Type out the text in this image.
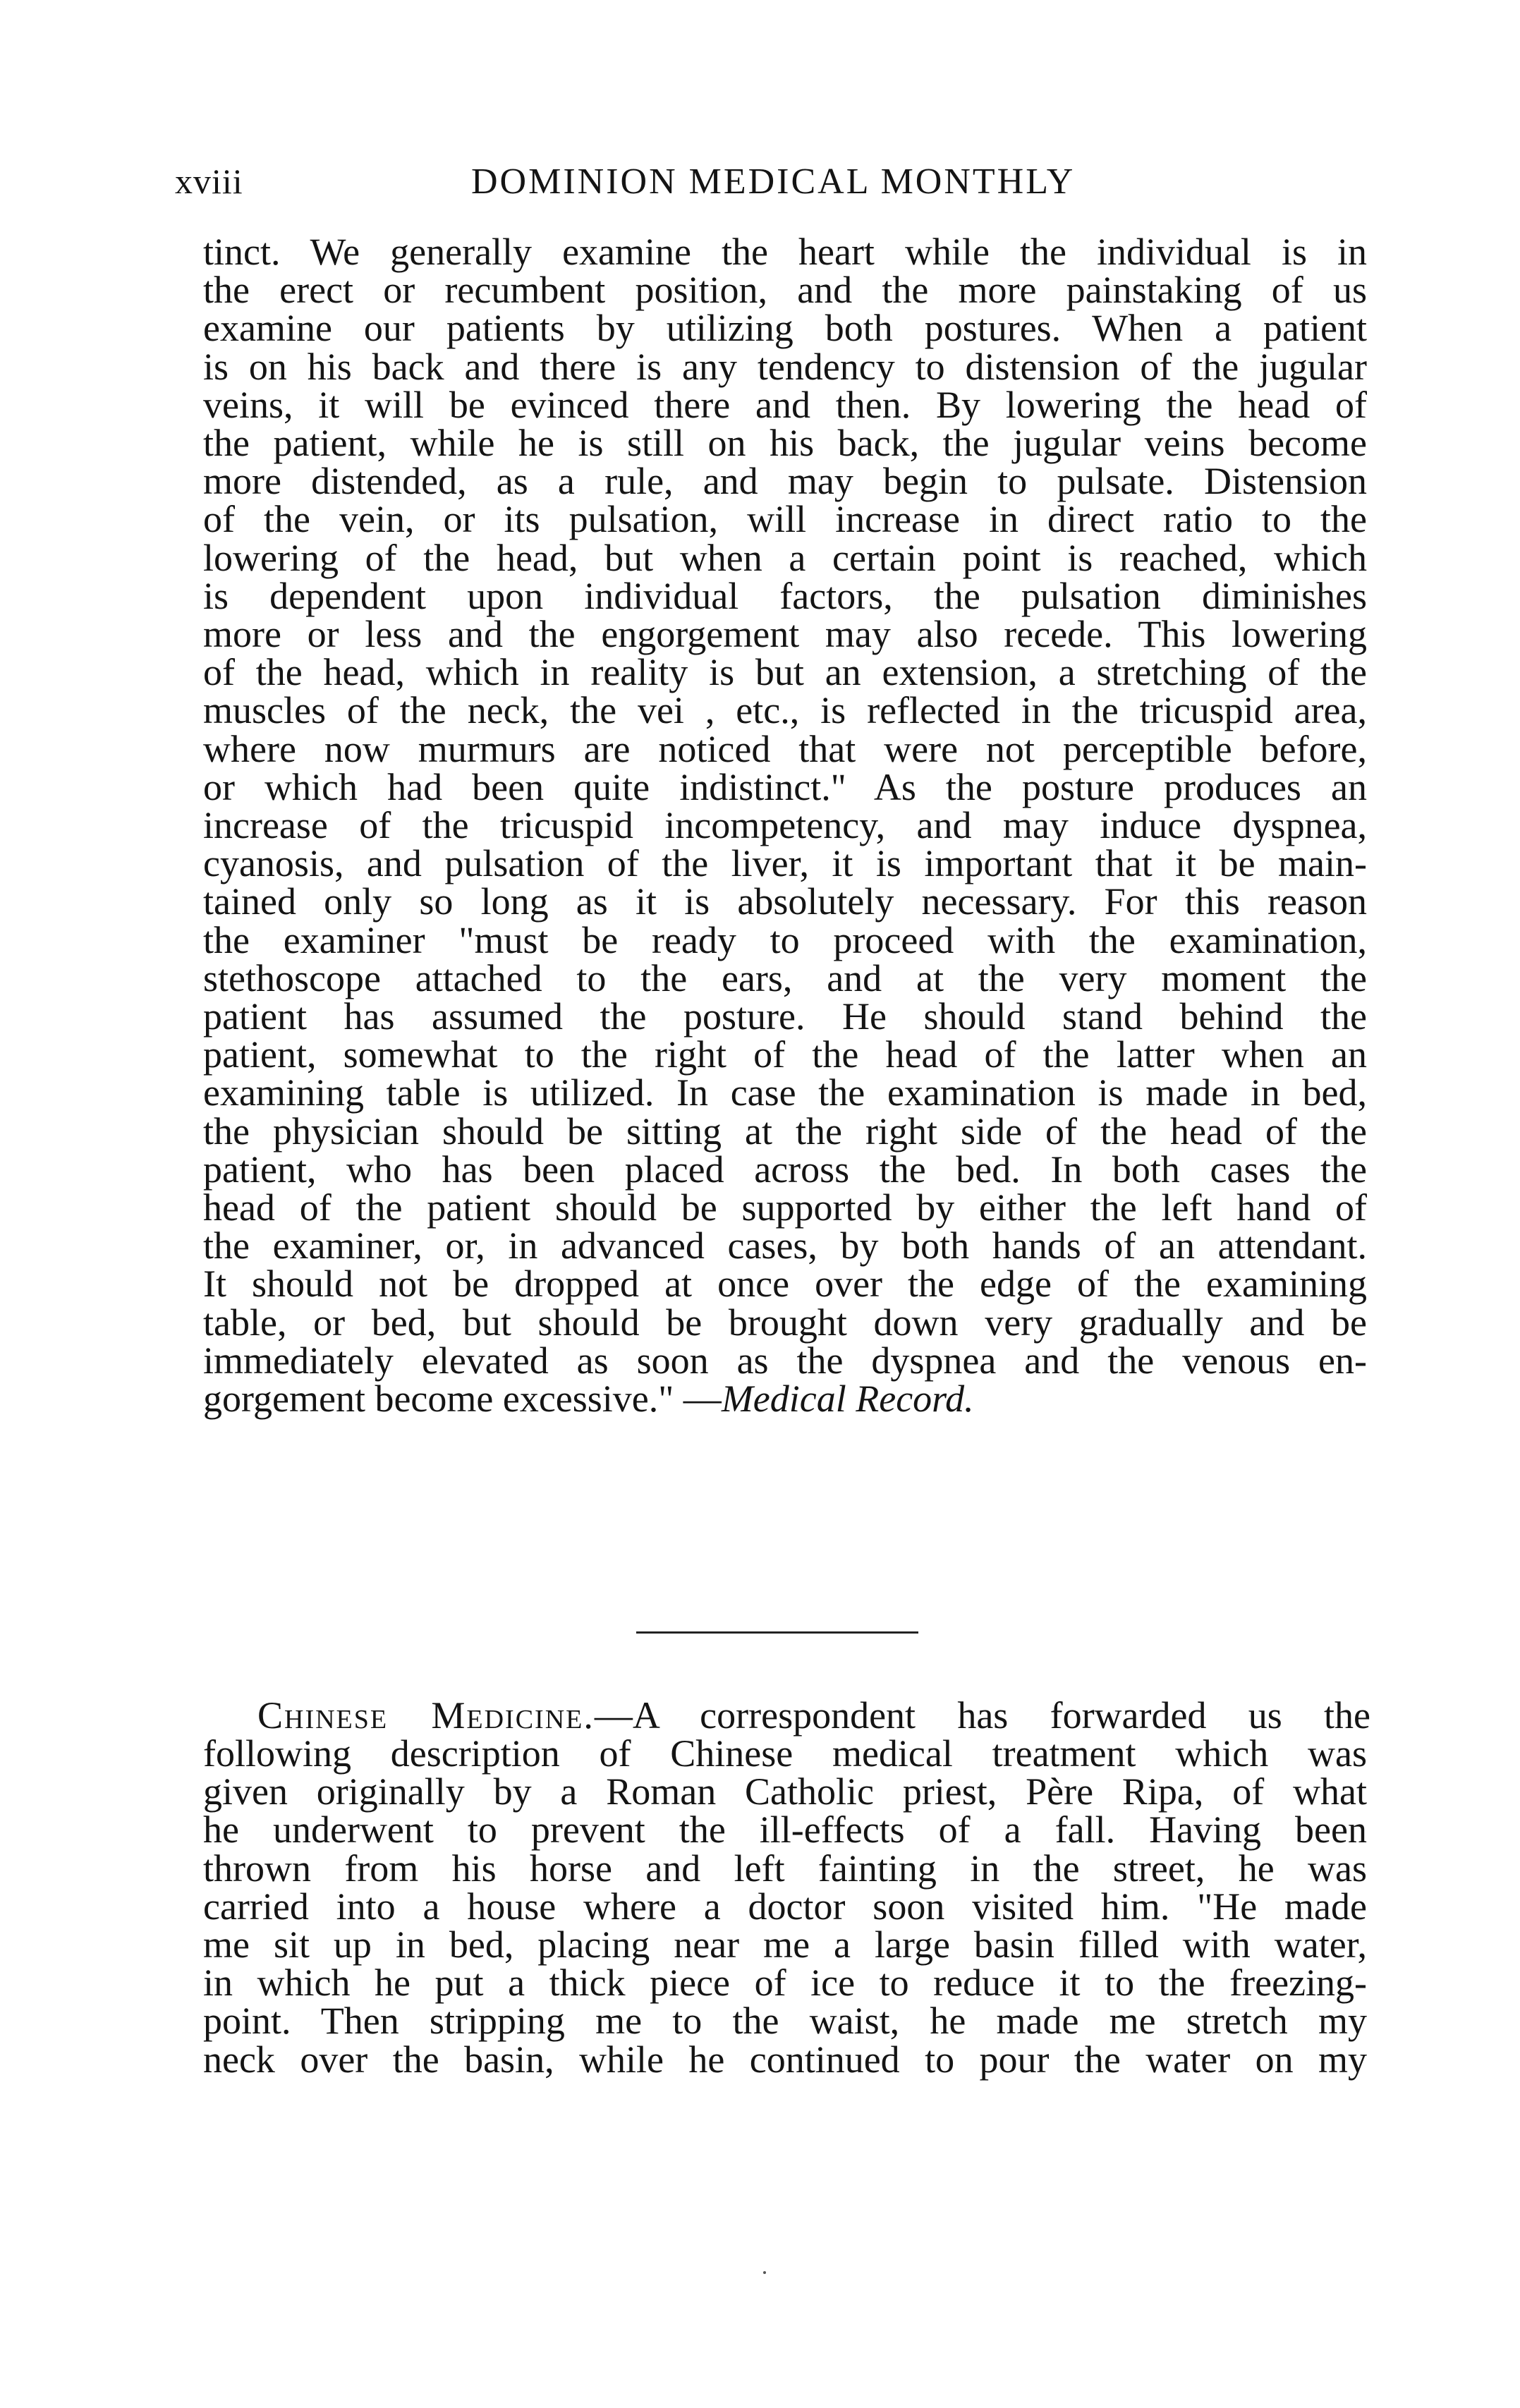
xviii	DOMINION MEDICAL MONTHLY
tinct. We generally examine the heart while the individual is in
the erect or recumbent position, and the more painstaking of us
examine our patients by utilizing both postures. When a patient
is on his back and there is any tendency to distension of the jugular
veins, it will be evinced there and then. By lowering the head of
the patient, while he is still on his back, the jugular veins become
more distended, as a rule, and may begin to pulsate. Distension
of the vein, or its pulsation, will increase in direct ratio to the
lowering of the head, but when a certain point is reached, which
is dependent upon individual factors, the pulsation diminishes
more or less and the engorgement may also recede. This lowering
of the head, which in reality is but an extension, a stretching of the
muscles of the neck, the vei , etc., is reflected in the tricuspid area,
where now murmurs are noticed that were not perceptible before,
or which had been quite indistinct." As the posture produces an
increase of the tricuspid incompetency, and may induce dyspnea,
cyanosis, and pulsation of the liver, it is important that it be main-
tained only so long as it is absolutely necessary. For this reason
the examiner "must be ready to proceed with the examination,
stethoscope attached to the ears, and at the very moment the
patient has assumed the posture. He should stand behind the
patient, somewhat to the right of the head of the latter when an
examining table is utilized. In case the examination is made in bed,
the physician should be sitting at the right side of the head of the
patient, who has been placed across the bed. In both cases the
head of the patient should be supported by either the left hand of
the examiner, or, in advanced cases, by both hands of an attendant.
It should not be dropped at once over the edge of the examining
table, or bed, but should be brought down very gradually and be
immediately elevated as soon as the dyspnea and the venous en-
gorgement become excessive." —Medical Record.
Chinese Medicine.—A correspondent has forwarded us the
following description of Chinese medical treatment which was
given originally by a Roman Catholic priest, Père Ripa, of what
he underwent to prevent the ill-effects of a fall. Having been
thrown from his horse and left fainting in the street, he was
carried into a house where a doctor soon visited him. "He made
me sit up in bed, placing near me a large basin filled with water,
in which he put a thick piece of ice to reduce it to the freezing-
point. Then stripping me to the waist, he made me stretch my
neck over the basin, while he continued to pour the water on my
